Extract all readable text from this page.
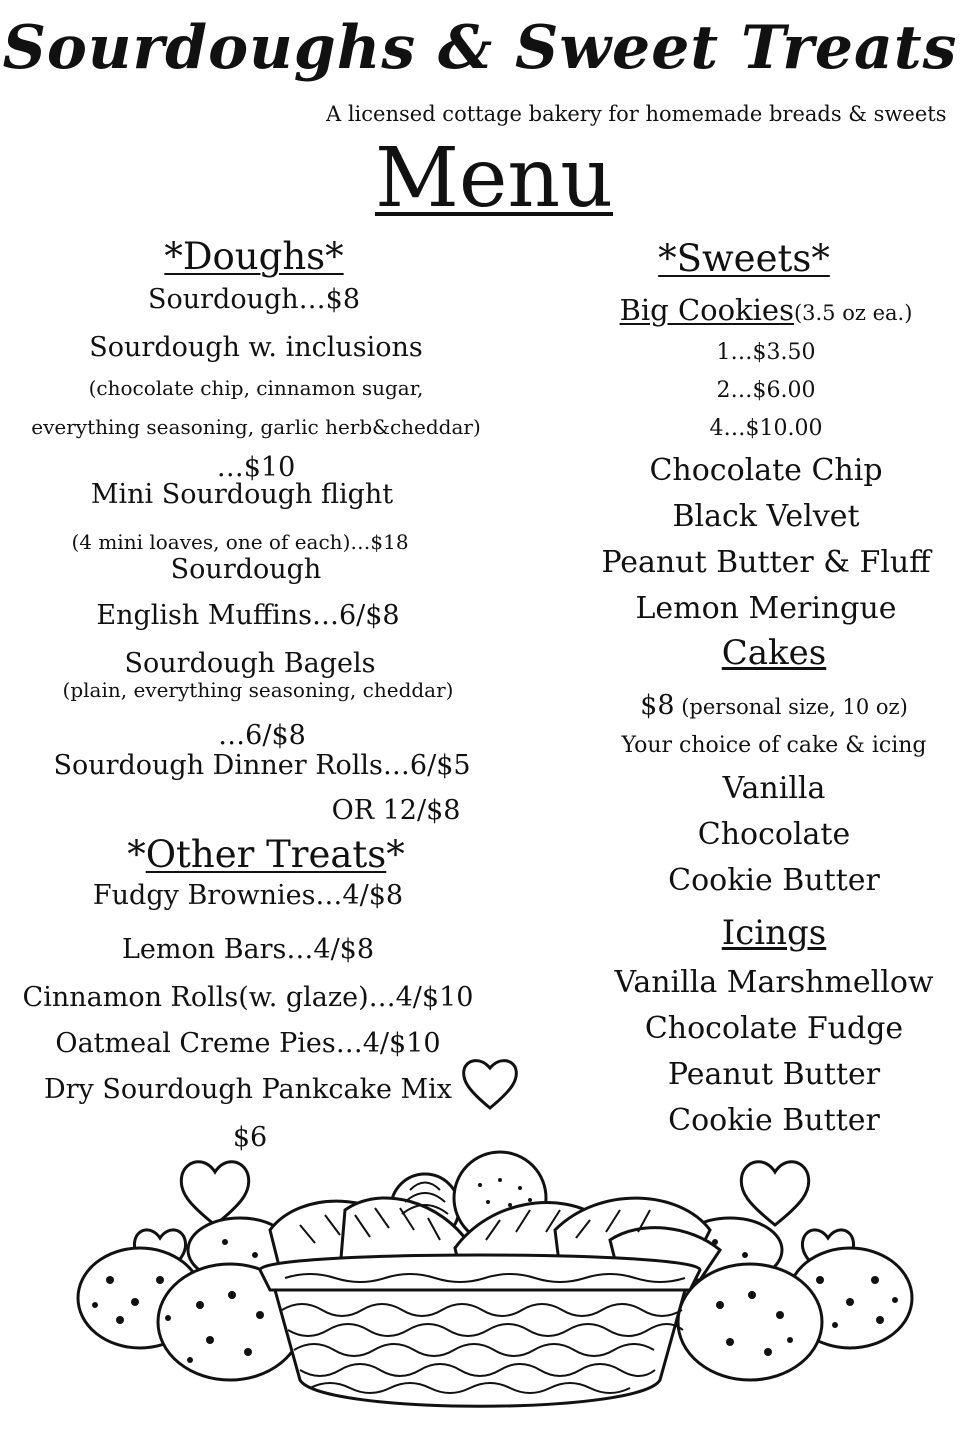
Sourdoughs & Sweet Treats
A licensed cottage bakery for homemade breads & sweets
Menu
*Doughs*
Sourdough…$8
Sourdough w. inclusions
(chocolate chip, cinnamon sugar,
everything seasoning, garlic herb&cheddar)
…$10
Mini Sourdough flight
(4 mini loaves, one of each)…$18
Sourdough
English Muffins…6/$8
Sourdough Bagels
(plain, everything seasoning, cheddar)
…6/$8
Sourdough Dinner Rolls…6/$5
OR 12/$8
*Other Treats*
Fudgy Brownies…4/$8
Lemon Bars…4/$8
Cinnamon Rolls(w. glaze)…4/$10
Oatmeal Creme Pies…4/$10
Dry Sourdough Pankcake Mix
$6
*Sweets*
Big Cookies(3.5 oz ea.)
1…$3.50
2…$6.00
4…$10.00
Chocolate Chip
Black Velvet
Peanut Butter & Fluff
Lemon Meringue
Cakes
$8 (personal size, 10 oz)
Your choice of cake & icing
Vanilla
Chocolate
Cookie Butter
Icings
Vanilla Marshmellow
Chocolate Fudge
Peanut Butter
Cookie Butter
